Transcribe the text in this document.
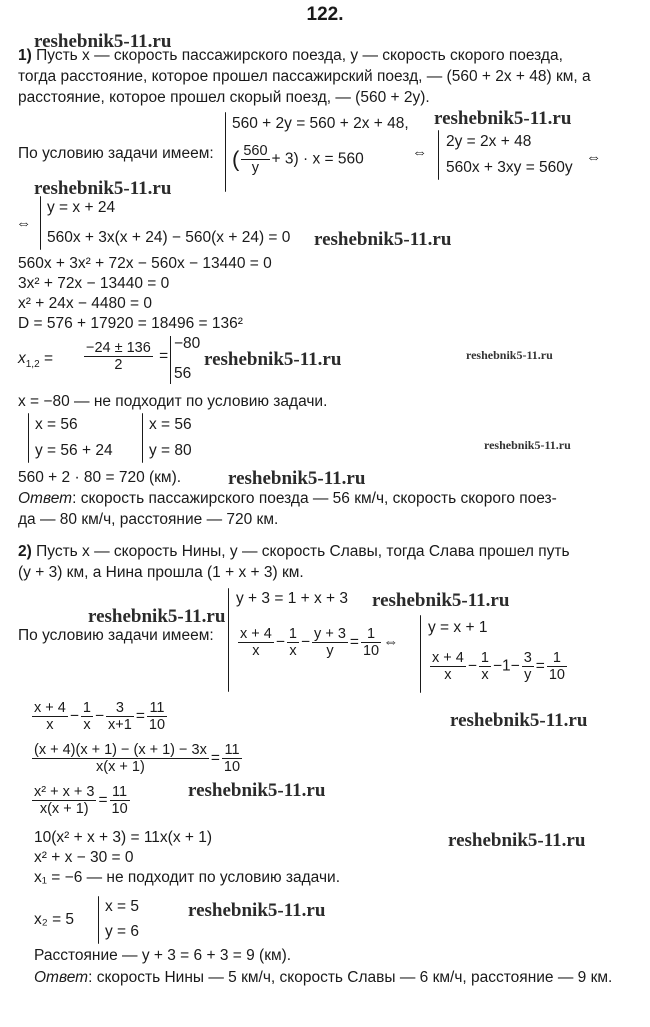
122.
reshebnik5-11.ru
reshebnik5-11.ru
reshebnik5-11.ru
reshebnik5-11.ru
reshebnik5-11.ru	reshebnik5-11.ru
reshebnik5-11.ru
reshebnik5-11.ru
reshebnik5-11.ru
reshebnik5-11.ru
reshebnik5-11.ru
reshebnik5-11.ru
reshebnik5-11.ru
reshebnik5-11.ru
1) Пусть x — скорость пассажирского поезда, y — скорость скорого поезда,
тогда расстояние, которое прошел пассажирский поезд, — (560 + 2x + 48) км, а
расстояние, которое прошел скорый поезд, — (560 + 2y).
По условию задачи имеем:
560 + 2y = 560 + 2x + 48,
( $\frac{560}{y} + 3) \cdot x = 560$	⇔
2y = 2x + 48
560x + 3xy = 560y
⇔
⇔
y = x + 24
560x + 3x(x + 24) − 560(x + 24) = 0
560x + 3x² + 72x − 560x − 13440 = 0
3x² + 72x − 13440 = 0
x² + 24x − 4480 = 0
D = 576 + 17920 = 18496 = 136²
$x_{1,2} = \frac{-24 \pm 136}{2}$ =
−80
56
x = −80 — не подходит по условию задачи.
x = 56
y = 56 + 24
x = 56
y = 80
560 + 2 · 80 = 720 (км).
Ответ: скорость пассажирского поезда — 56 км/ч, скорость скорого поез-
да — 80 км/ч, расстояние — 720 км.
2) Пусть x — скорость Нины, y — скорость Славы, тогда Слава прошел путь
(y + 3) км, а Нина прошла (1 + x + 3) км.
По условию задачи имеем:
y + 3 = 1 + x + 3
$\frac{x + 4}{x} - \frac{1}{x} - \frac{y + 3}{y} = \frac{1}{10}$ ⇔
y = x + 1
$\frac{x + 4}{x} - \frac{1}{x} -1- \frac{3}{y} = \frac{1}{10}$
$\frac{x + 4}{x} - \frac{1}{x} - \frac{3}{x+1} = \frac{11}{10}$
$\frac{(x + 4)(x + 1) - (x + 1) - 3x}{x(x + 1)} = \frac{11}{10}$
$\frac{\text{x² + x + 3}}{x(x + 1)} = \frac{11}{10}$
10(x² + x + 3) = 11x(x + 1)
x² + x − 30 = 0
x₁ = −6 — не подходит по условию задачи.
x₂ = 5
x = 5
y = 6
Расстояние — y + 3 = 6 + 3 = 9 (км).
Ответ: скорость Нины — 5 км/ч, скорость Славы — 6 км/ч, расстояние — 9 км.
